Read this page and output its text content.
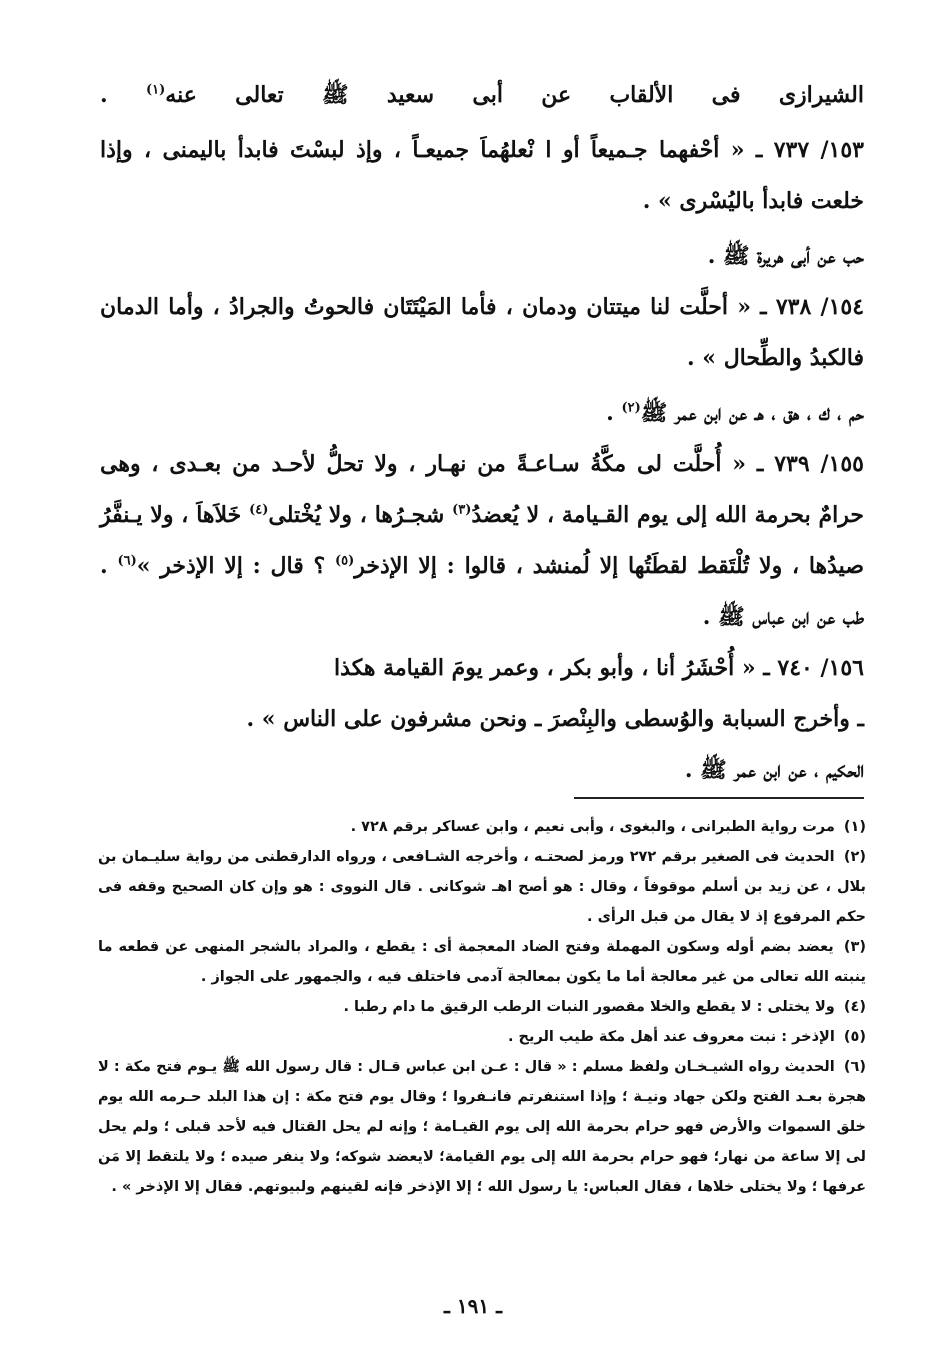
الشيرازى فى الألقاب عن أبى سعيد ﷺ تعالى عنه$^{(١)}$ .

١٥٣/ ٧٣٧ ـ « أحْفهما جـميعاً أو ا نْعلهُماَ جميعـاً ، وإذ لبسْتَ فابدأ باليمنى ، وإذا

خلعت فابدأ باليُسْرى » .

حب عن أبى هريرة ﷺ .

١٥٤/ ٧٣٨ ـ « أحلَّت لنا ميتتان ودمان ، فأما المَيْتَتَان فالحوتُ والجرادُ ، وأما الدمان

فالكبدُ والطِّحال » .

حم ، ك ، هق ، هـ عن ابن عمر ﷺ$^{(٢)}$ .

١٥٥/ ٧٣٩ ـ « أُحلَّت لى مكَّةُ سـاعـةً من نهـار ، ولا تحلُّ لأحـد من بعـدى ، وهى

حرامٌ بحرمة الله إلى يوم القـيامة ، لا يُعضدُ$^{(٣)}$ شجـرُها ، ولا يُخْتلى$^{(٤)}$ خَلاَهاَ ، ولا يـنفَّرُ

صيدُها ، ولا تُلْتَقط لقطَتُها إلا لُمنشد ، قالوا : إلا الإذخر$^{(٥)}$ ؟ قال : إلا الإذخر »$^{(٦)}$ .

طب عن ابن عباس ﷺ .

١٥٦/ ٧٤٠ ـ « أُحْشَرُ أنا ، وأبو بكر ، وعمر يومَ القيامة هكذا

ـ وأخرج السبابة والوُسطى والبِنْصرَ ـ ونحن مشرفون على الناس » .

الحكيم ، عن ابن عمر ﷺ .

(١) مرت رواية الطبرانى ، والبغوى ، وأبى نعيم ، وابن عساكر برقم ٧٢٨ .

(٢) الحديث فى الصغير برقم ٢٧٢ ورمز لصحتـه ، وأخرجه الشـافعى ، ورواه الدارقطنى من رواية سليـمان بن بلال ، عن زيد بن أسلم موقوفاً ، وقال : هو أصح اهـ شوكانى . قال النووى : هو وإن كان الصحيح وقفه فى حكم المرفوع إذ لا يقال من قبل الرأى .

(٣) يعضد بضم أوله وسكون المهملة وفتح الضاد المعجمة أى : يقطع ، والمراد بالشجر المنهى عن قطعه ما ينبته الله تعالى من غير معالجة أما ما يكون بمعالجة آدمى فاختلف فيه ، والجمهور على الجواز .

(٤) ولا يختلى : لا يقطع والخلا مقصور النبات الرطب الرقيق ما دام رطبا .

(٥) الإذخر : نبت معروف عند أهل مكة طيب الريح .

(٦) الحديث رواه الشيـخـان ولفظ مسلم : « قال : عـن ابن عباس قـال : قال رسول الله ﷺ يـوم فتح مكة : لا هجرة بعـد الفتح ولكن جهاد ونيـة ؛ وإذا استنفرتم فانـفروا ؛ وقال يوم فتح مكة : إن هذا البلد حـرمه الله يوم خلق السموات والأرض فهو حرام بحرمة الله إلى يوم القيـامة ؛ وإنه لم يحل القتال فيه لأحد قبلى ؛ ولم يحل لى إلا ساعة من نهار؛ فهو حرام بحرمة الله إلى يوم القيامة؛ لايعضد شوكه؛ ولا ينفر صيده ؛ ولا يلتقط إلا مَن عرفها ؛ ولا يختلى خلاها ، فقال العباس: يا رسول الله ؛ إلا الإذخر فإنه لقينهم ولبيوتهم. فقال إلا الإذخر » .

ـ ١٩١ ـ
